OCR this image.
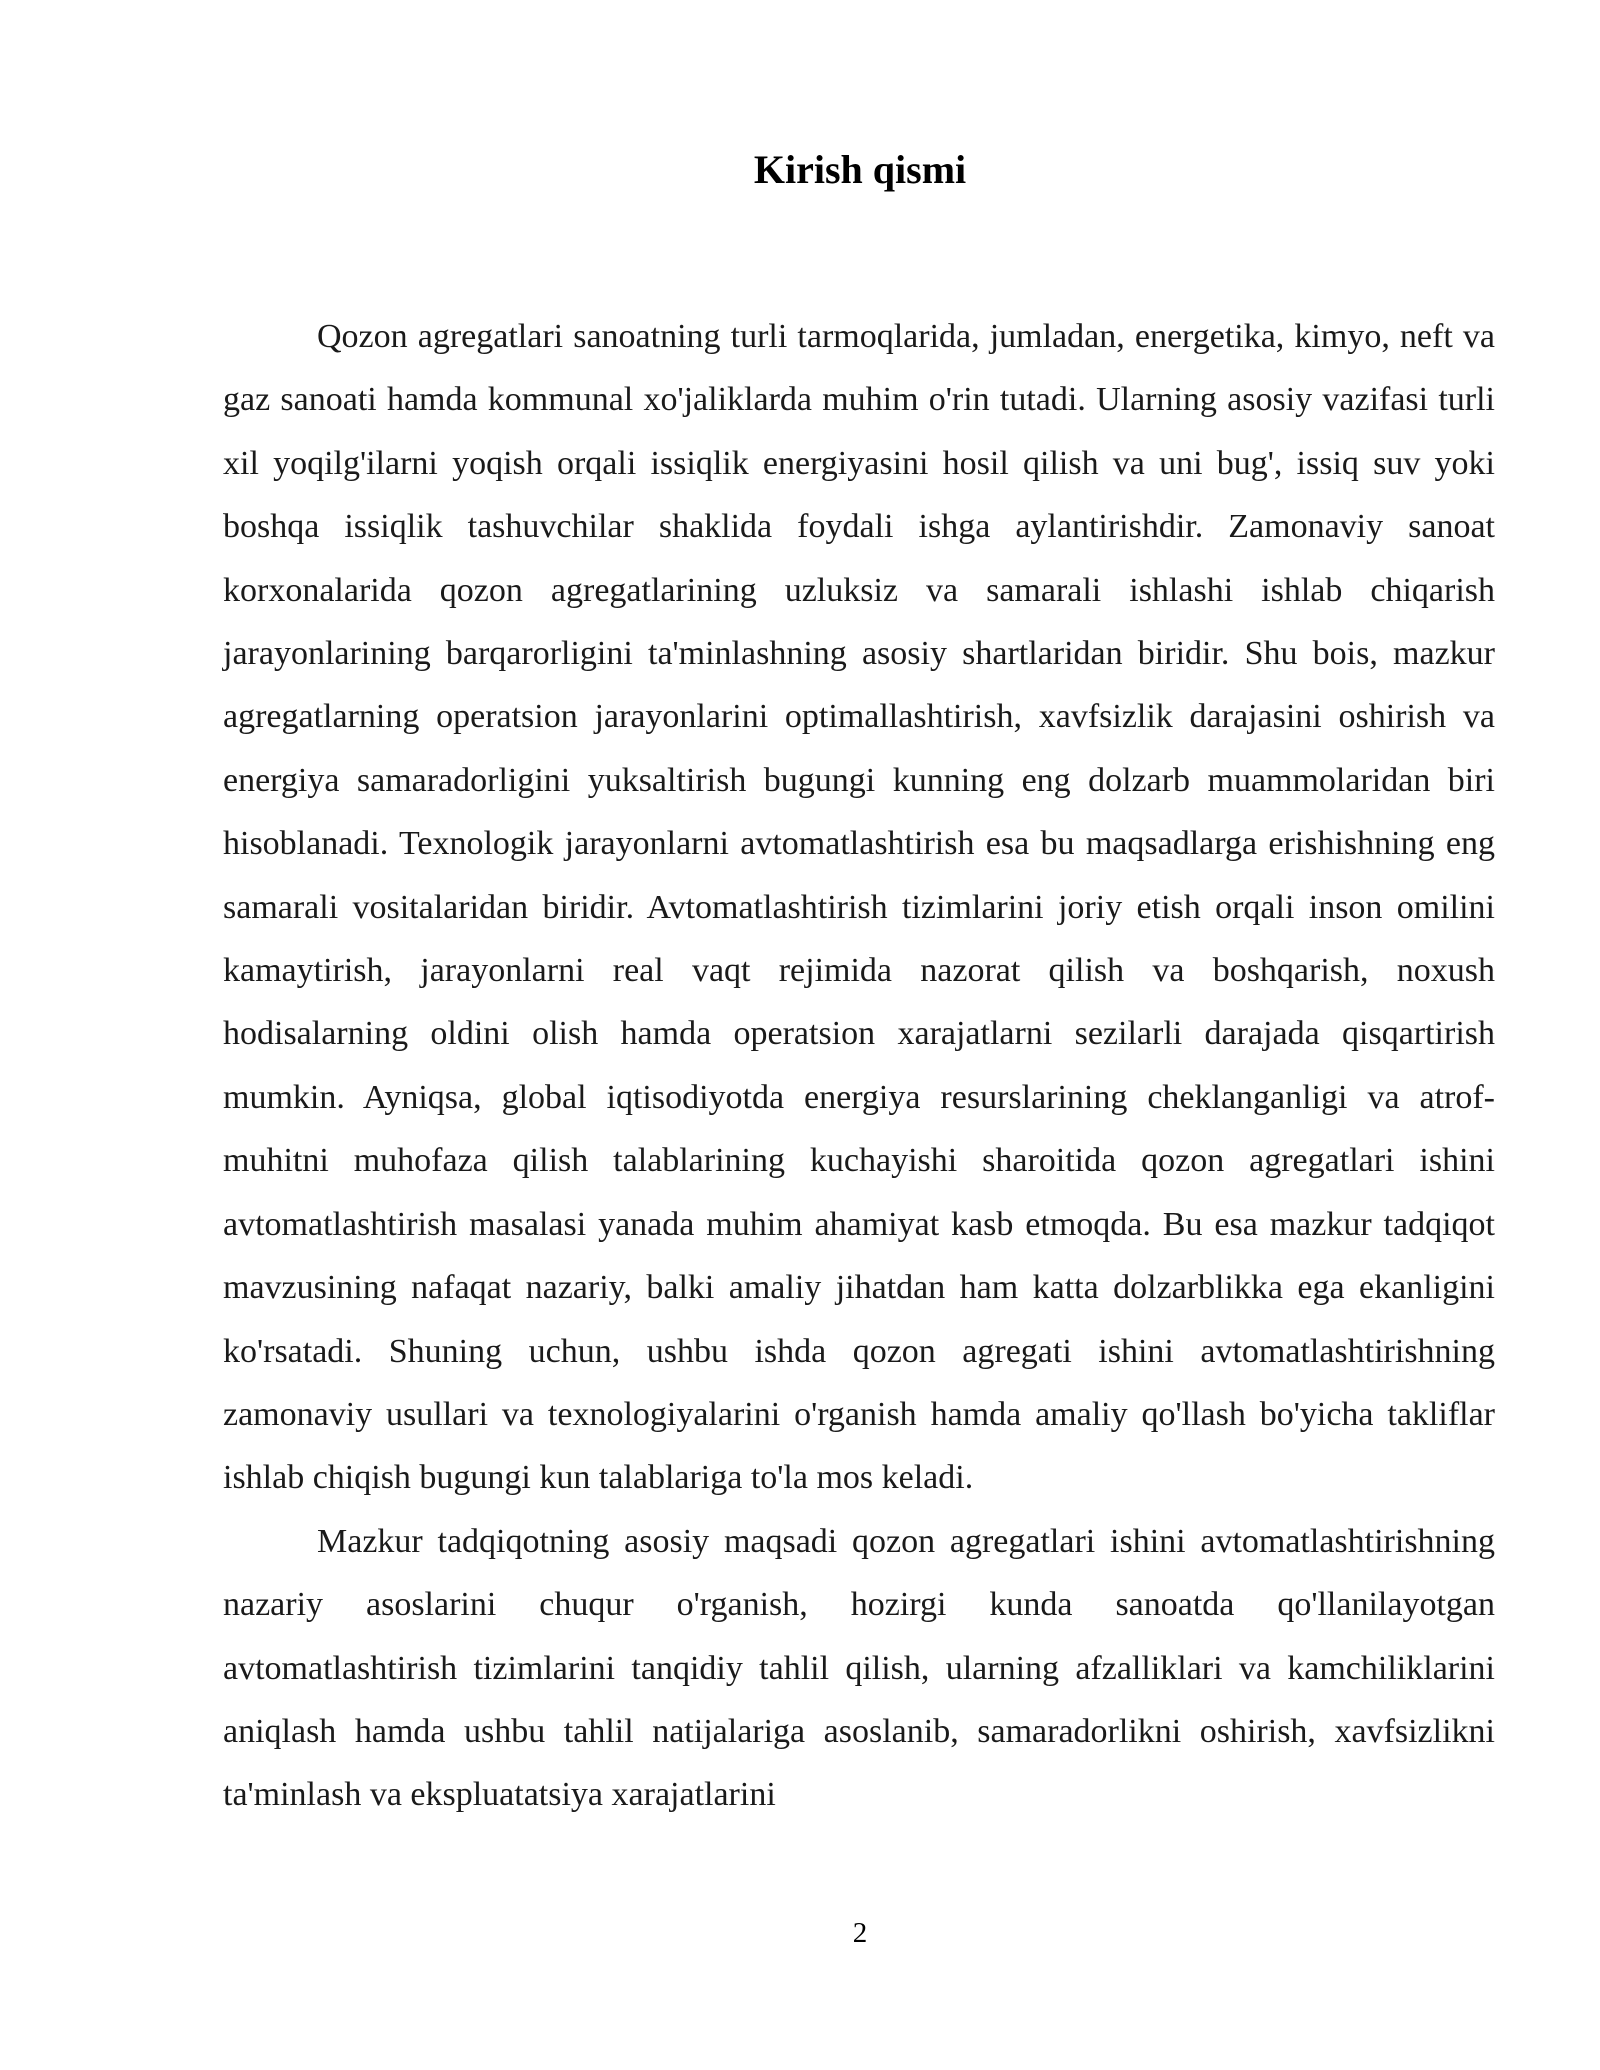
Kirish qismi

Qozon agregatlari sanoatning turli tarmoqlarida, jumladan, energetika, kimyo, neft va gaz sanoati hamda kommunal xo'jaliklarda muhim o'rin tutadi. Ularning asosiy vazifasi turli xil yoqilg'ilarni yoqish orqali issiqlik energiyasini hosil qilish va uni bug', issiq suv yoki boshqa issiqlik tashuvchilar shaklida foydali ishga aylantirishdir. Zamonaviy sanoat korxonalarida qozon agregatlarining uzluksiz va samarali ishlashi ishlab chiqarish jarayonlarining barqarorligini ta'minlashning asosiy shartlaridan biridir. Shu bois, mazkur agregatlarning operatsion jarayonlarini optimallashtirish, xavfsizlik darajasini oshirish va energiya samaradorligini yuksaltirish bugungi kunning eng dolzarb muammolaridan biri hisoblanadi. Texnologik jarayonlarni avtomatlashtirish esa bu maqsadlarga erishishning eng samarali vositalaridan biridir. Avtomatlashtirish tizimlarini joriy etish orqali inson omilini kamaytirish, jarayonlarni real vaqt rejimida nazorat qilish va boshqarish, noxush hodisalarning oldini olish hamda operatsion xarajatlarni sezilarli darajada qisqartirish mumkin. Ayniqsa, global iqtisodiyotda energiya resurslarining cheklanganligi va atrof-muhitni muhofaza qilish talablarining kuchayishi sharoitida qozon agregatlari ishini avtomatlashtirish masalasi yanada muhim ahamiyat kasb etmoqda. Bu esa mazkur tadqiqot mavzusining nafaqat nazariy, balki amaliy jihatdan ham katta dolzarblikka ega ekanligini ko'rsatadi. Shuning uchun, ushbu ishda qozon agregati ishini avtomatlashtirishning zamonaviy usullari va texnologiyalarini o'rganish hamda amaliy qo'llash bo'yicha takliflar ishlab chiqish bugungi kun talablariga to'la mos keladi.

Mazkur tadqiqotning asosiy maqsadi qozon agregatlari ishini avtomatlashtirishning nazariy asoslarini chuqur o'rganish, hozirgi kunda sanoatda qo'llanilayotgan avtomatlashtirish tizimlarini tanqidiy tahlil qilish, ularning afzalliklari va kamchiliklarini aniqlash hamda ushbu tahlil natijalariga asoslanib, samaradorlikni oshirish, xavfsizlikni ta'minlash va ekspluatatsiya xarajatlarini

2
